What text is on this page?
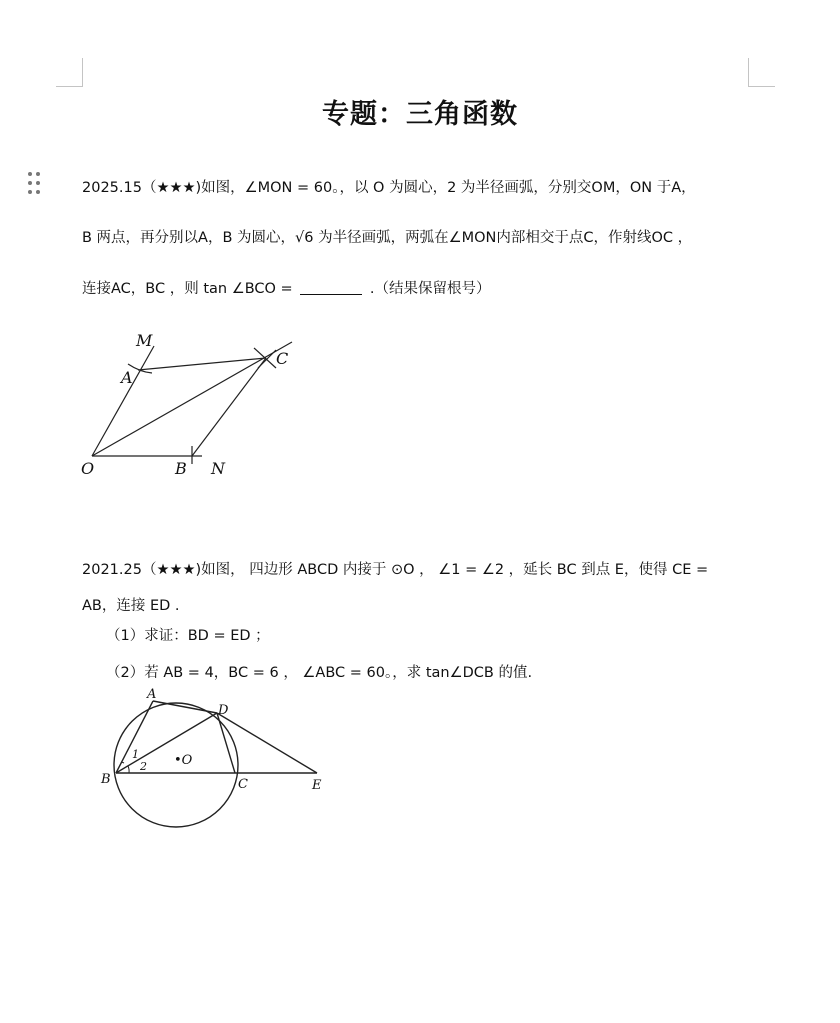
专题：三角函数
2025.15（★★★)如图，∠MON = 60。，以 O 为圆心，2 为半径画弧，分别交OM，ON 于A，
B 两点，再分别以A，B 为圆心，√6 为半径画弧，两弧在∠MON内部相交于点C，作射线OC ，
连接AC，BC ，则 tan ∠BCO =	.（结果保留根号）
M
A
C
O	B N
2021.25（★★★)如图， 四边形 ABCD 内接于 ⊙O ， ∠1 = ∠2 ，延长 BC 到点 E，使得 CE =
AB，连接 ED .
（1）求证：BD = ED ；
（2）若 AB = 4，BC = 6 ， ∠ABC = 60。，求 tan∠DCB 的值.
A
D
B	C	E
•O
1
2
